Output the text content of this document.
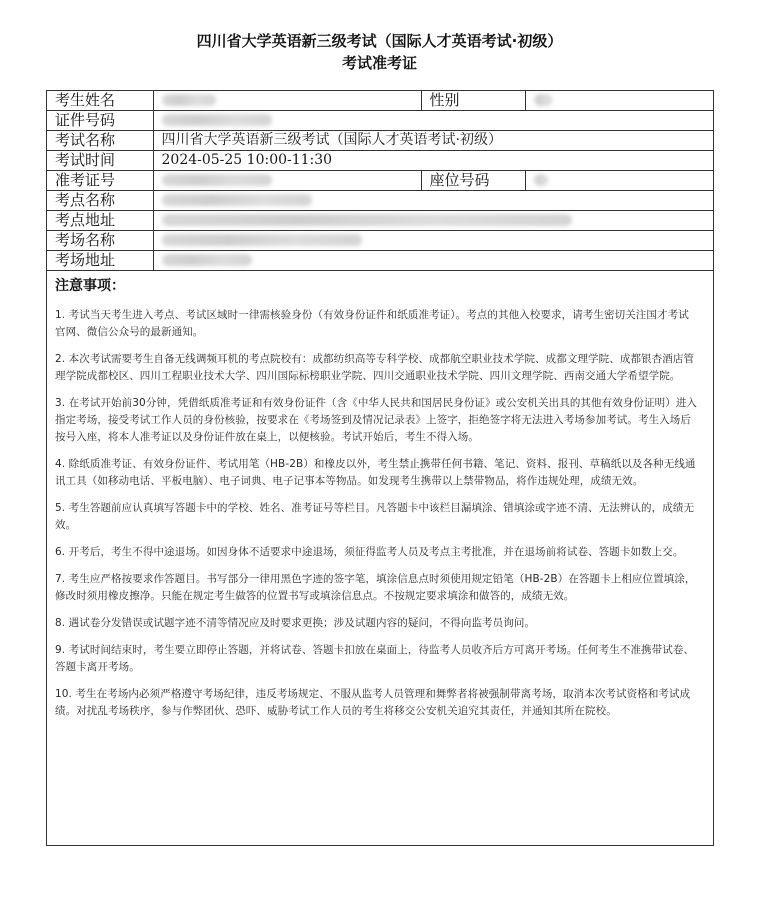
四川省大学英语新三级考试（国际人才英语考试·初级）
考试准考证
考生姓名		性别	
证件号码			
考试名称	四川省大学英语新三级考试（国际人才英语考试·初级）		
考试时间	2024-05-25 10:00-11:30		
准考证号		座位号码	
考点名称			
考点地址			
考场名称			
考场地址			
注意事项：

1. 考试当天考生进入考点、考试区域时一律需核验身份（有效身份证件和纸质准考证）。考点的其他入校要求，请考生密切关注国才考试官网、微信公众号的最新通知。

2. 本次考试需要考生自备无线调频耳机的考点院校有：成都纺织高等专科学校、成都航空职业技术学院、成都文理学院、成都银杏酒店管理学院成都校区、四川工程职业技术大学、四川国际标榜职业学院、四川交通职业技术学院、四川文理学院、西南交通大学希望学院。

3. 在考试开始前30分钟，凭借纸质准考证和有效身份证件（含《中华人民共和国居民身份证》或公安机关出具的其他有效身份证明）进入指定考场，接受考试工作人员的身份核验，按要求在《考场签到及情况记录表》上签字，拒绝签字将无法进入考场参加考试。考生入场后按号入座，将本人准考证以及身份证件放在桌上，以便核验。考试开始后，考生不得入场。

4. 除纸质准考证、有效身份证件、考试用笔（HB-2B）和橡皮以外，考生禁止携带任何书籍、笔记、资料、报刊、草稿纸以及各种无线通讯工具（如移动电话、平板电脑）、电子词典、电子记事本等物品。如发现考生携带以上禁带物品，将作违规处理，成绩无效。

5. 考生答题前应认真填写答题卡中的学校、姓名、准考证号等栏目。凡答题卡中该栏目漏填涂、错填涂或字迹不清、无法辨认的，成绩无效。

6. 开考后，考生不得中途退场。如因身体不适要求中途退场，须征得监考人员及考点主考批准，并在退场前将试卷、答题卡如数上交。

7. 考生应严格按要求作答题目。书写部分一律用黑色字迹的签字笔，填涂信息点时须使用规定铅笔（HB-2B）在答题卡上相应位置填涂，修改时须用橡皮擦净。只能在规定考生做答的位置书写或填涂信息点。不按规定要求填涂和做答的，成绩无效。

8. 遇试卷分发错误或试题字迹不清等情况应及时要求更换；涉及试题内容的疑问，不得向监考员询问。

9. 考试时间结束时，考生要立即停止答题，并将试卷、答题卡扣放在桌面上，待监考人员收齐后方可离开考场。任何考生不准携带试卷、答题卡离开考场。

10. 考生在考场内必须严格遵守考场纪律，违反考场规定、不服从监考人员管理和舞弊者将被强制带离考场，取消本次考试资格和考试成绩。对扰乱考场秩序，参与作弊团伙、恐吓、威胁考试工作人员的考生将移交公安机关追究其责任，并通知其所在院校。
